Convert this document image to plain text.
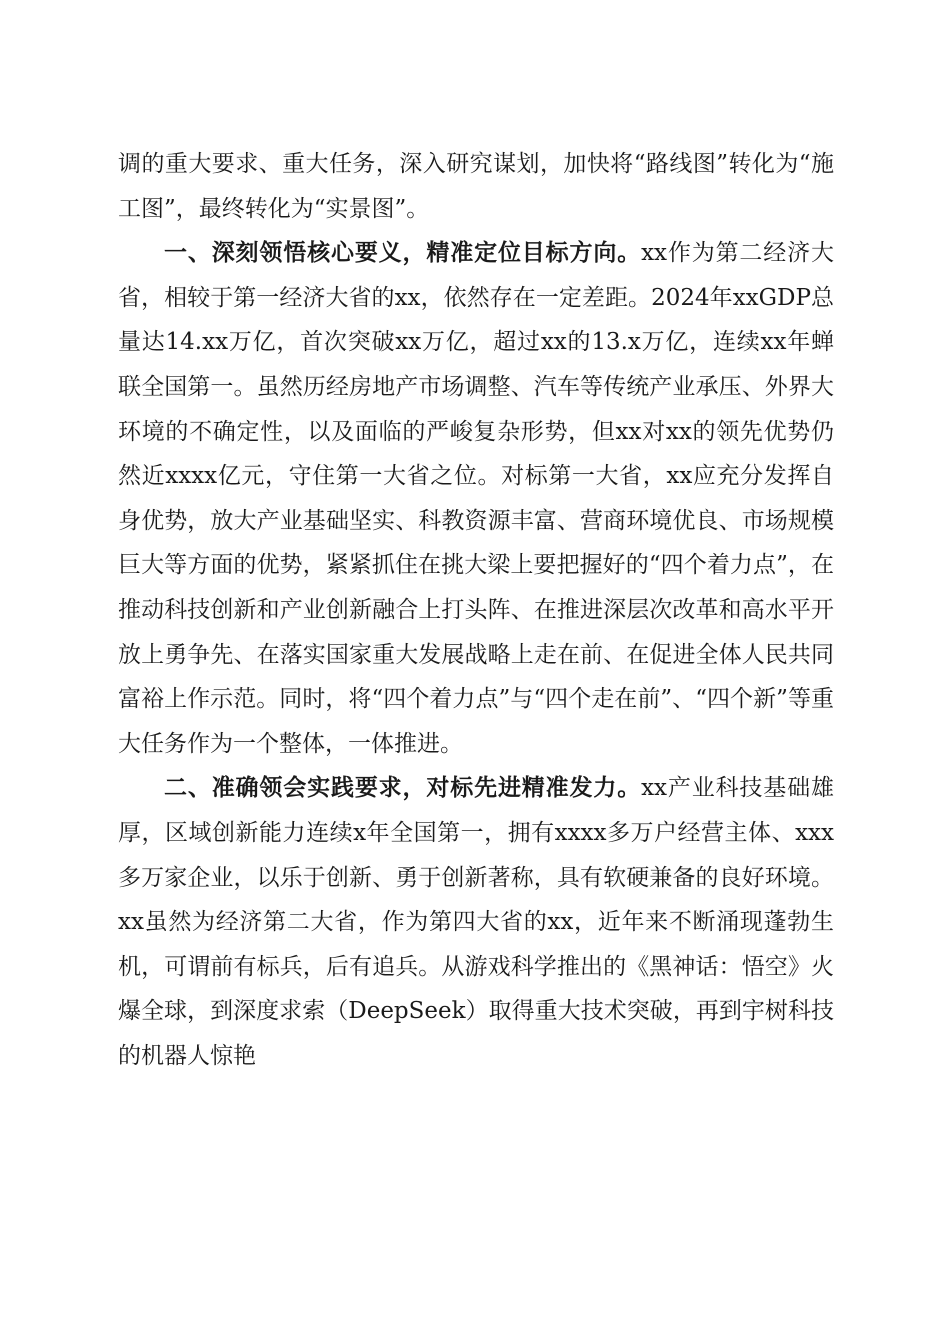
调的重大要求、重大任务，深入研究谋划，加快将“路线图”转化为“施工图”，最终转化为“实景图”。

一、深刻领悟核心要义，精准定位目标方向。xx作为第二经济大省，相较于第一经济大省的xx，依然存在一定差距。2024年xxGDP总量达14.xx万亿，首次突破xx万亿，超过xx的13.x万亿，连续xx年蝉联全国第一。虽然历经房地产市场调整、汽车等传统产业承压、外界大环境的不确定性，以及面临的严峻复杂形势，但xx对xx的领先优势仍然近xxxx亿元，守住第一大省之位。对标第一大省，xx应充分发挥自身优势，放大产业基础坚实、科教资源丰富、营商环境优良、市场规模巨大等方面的优势，紧紧抓住在挑大梁上要把握好的“四个着力点”，在推动科技创新和产业创新融合上打头阵、在推进深层次改革和高水平开放上勇争先、在落实国家重大发展战略上走在前、在促进全体人民共同富裕上作示范。同时，将“四个着力点”与“四个走在前”、“四个新”等重大任务作为一个整体，一体推进。

二、准确领会实践要求，对标先进精准发力。xx产业科技基础雄厚，区域创新能力连续x年全国第一，拥有xxxx多万户经营主体、xxx多万家企业，以乐于创新、勇于创新著称，具有软硬兼备的良好环境。xx虽然为经济第二大省，作为第四大省的xx，近年来不断涌现蓬勃生机，可谓前有标兵，后有追兵。从游戏科学推出的《黑神话：悟空》火爆全球，到深度求索（DeepSeek）取得重大技术突破，再到宇树科技的机器人惊艳
